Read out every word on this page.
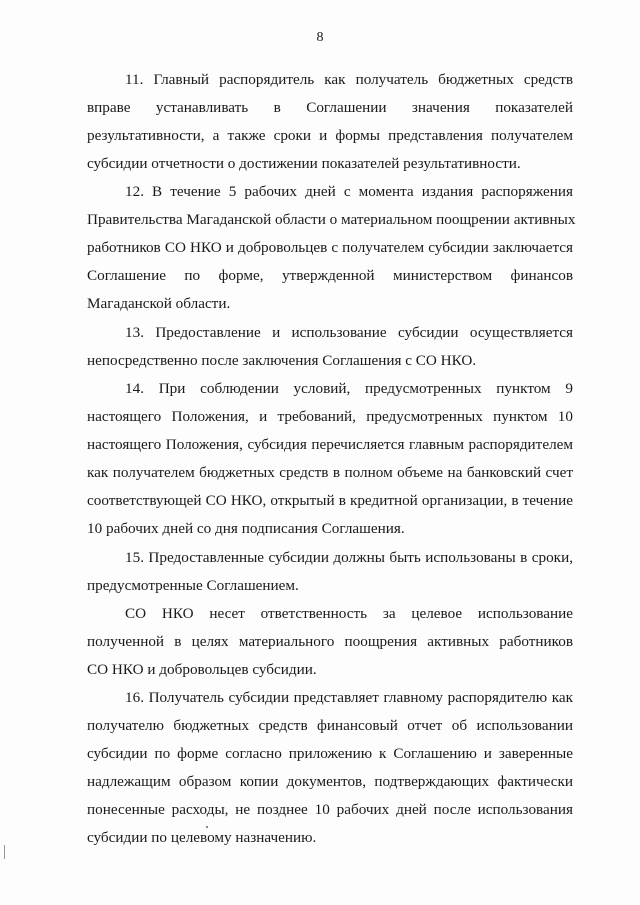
8
11. Главный распорядитель как получатель бюджетных средств
вправе устанавливать в Соглашении значения показателей
результативности, а также сроки и формы представления получателем
субсидии отчетности о достижении показателей результативности.
12. В течение 5 рабочих дней с момента издания распоряжения
Правительства Магаданской области о материальном поощрении активных
работников СО НКО и добровольцев с получателем субсидии заключается
Соглашение по форме, утвержденной министерством финансов
Магаданской области.
13. Предоставление и использование субсидии осуществляется
непосредственно после заключения Соглашения с СО НКО.
14. При соблюдении условий, предусмотренных пунктом 9
настоящего Положения, и требований, предусмотренных пунктом 10
настоящего Положения, субсидия перечисляется главным распорядителем
как получателем бюджетных средств в полном объеме на банковский счет
соответствующей СО НКО, открытый в кредитной организации, в течение
10 рабочих дней со дня подписания Соглашения.
15. Предоставленные субсидии должны быть использованы в сроки,
предусмотренные Соглашением.
СО НКО несет ответственность за целевое использование
полученной в целях материального поощрения активных работников
СО НКО и добровольцев субсидии.
16. Получатель субсидии представляет главному распорядителю как
получателю бюджетных средств финансовый отчет об использовании
субсидии по форме согласно приложению к Соглашению и заверенные
надлежащим образом копии документов, подтверждающих фактически
понесенные расходы, не позднее 10 рабочих дней после использования
субсидии по целевому назначению.
